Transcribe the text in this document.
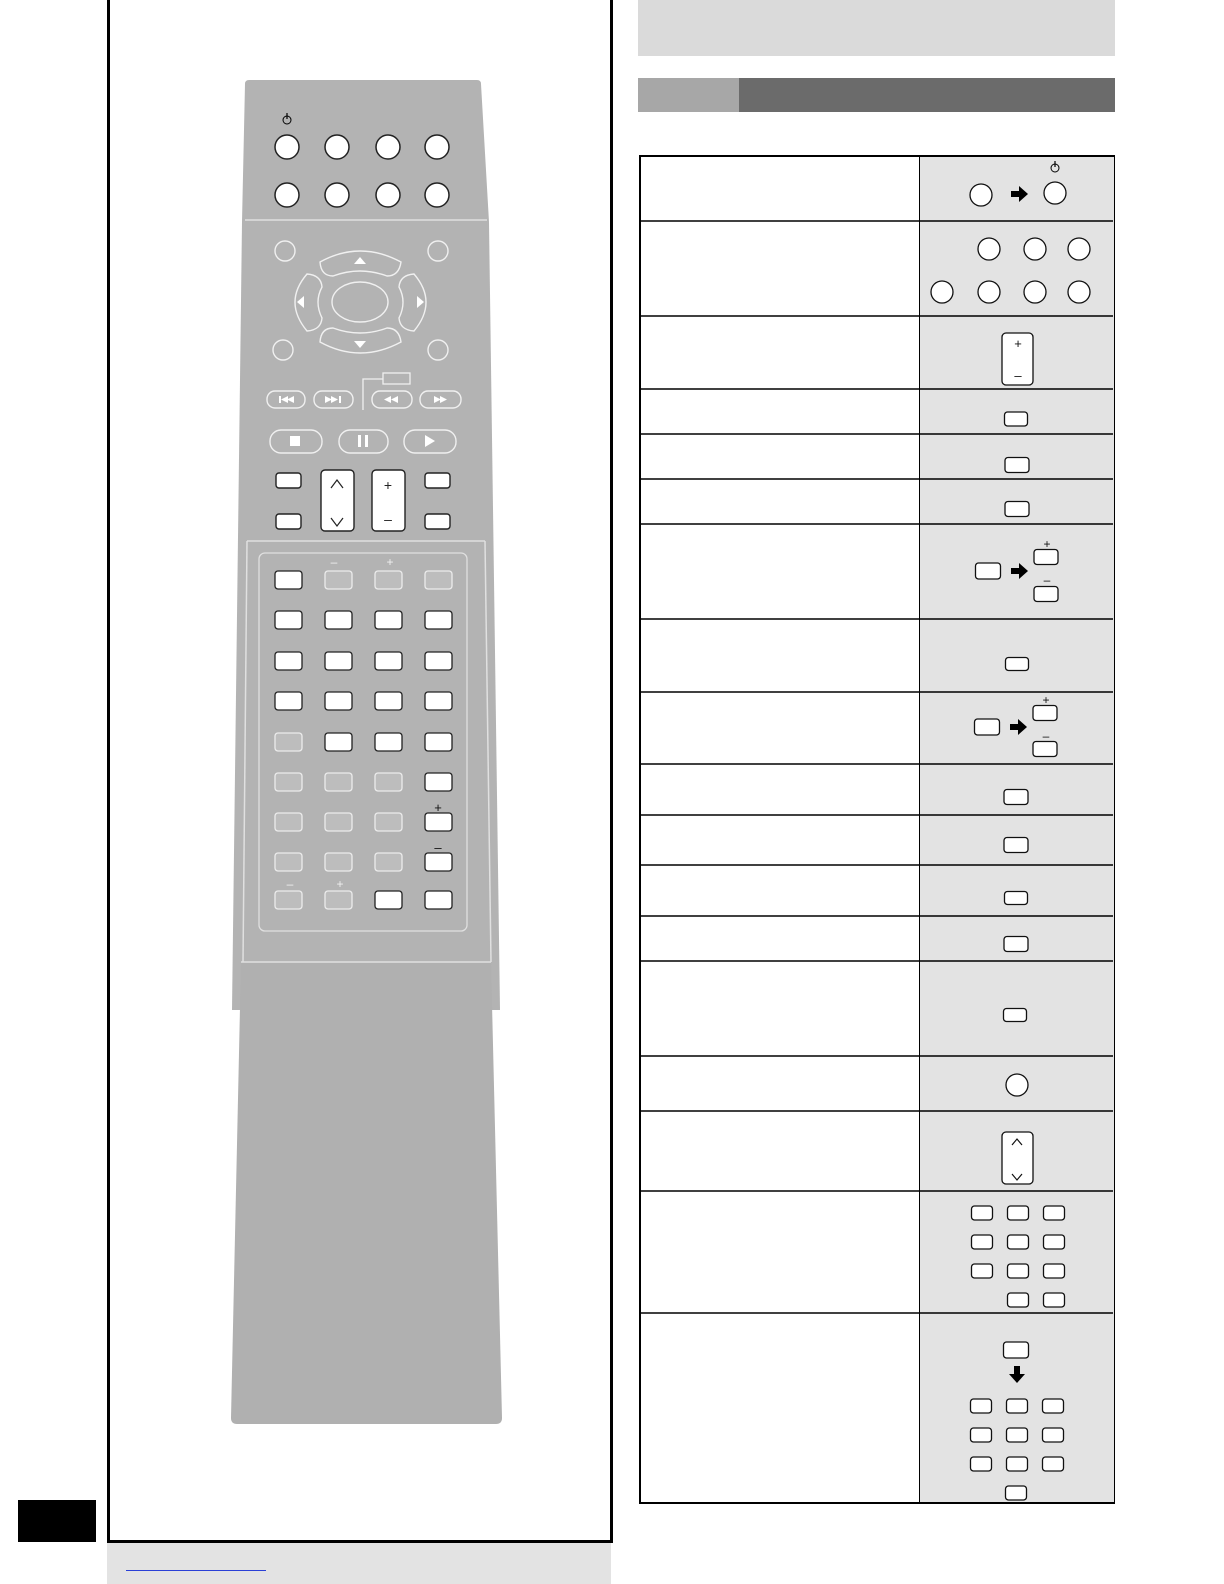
+
–
–	+
+
–
–	+
+
–
+
–
+
–
